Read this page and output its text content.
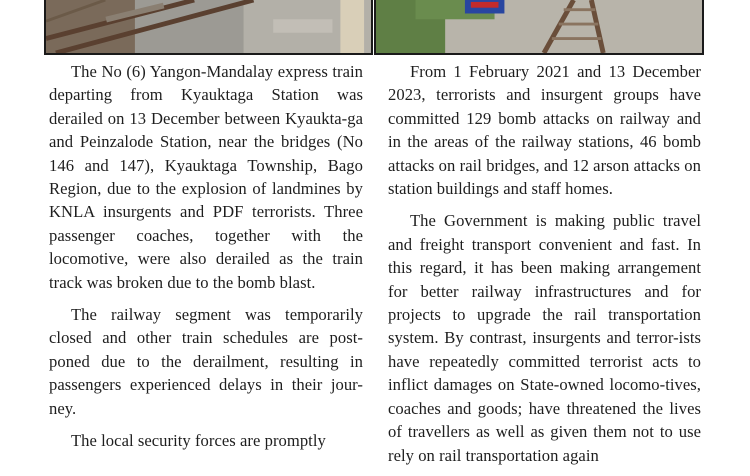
The No (6) Yangon-Mandalay express train departing from Kyauktaga Station was derailed on 13 December between Kyaukta-ga and Peinzalode Station, near the bridges (No 146 and 147), Kyauktaga Township, Bago Region, due to the explosion of landmines by KNLA insurgents and PDF terrorists. Three passenger coaches, together with the locomotive, were also derailed as the train track was broken due to the bomb blast.

The railway segment was temporarily closed and other train schedules are post-poned due to the derailment, resulting in passengers experienced delays in their jour-ney.

The local security forces are promptly

From 1 February 2021 and 13 December 2023, terrorists and insurgent groups have committed 129 bomb attacks on railway and in the areas of the railway stations, 46 bomb attacks on rail bridges, and 12 arson attacks on station buildings and staff homes.

The Government is making public travel and freight transport convenient and fast. In this regard, it has been making arrangement for better railway infrastructures and for projects to upgrade the rail transportation system. By contrast, insurgents and terror-ists have repeatedly committed terrorist acts to inflict damages on State-owned locomo-tives, coaches and goods; have threatened the lives of travellers as well as given them not to use rely on rail transportation again
